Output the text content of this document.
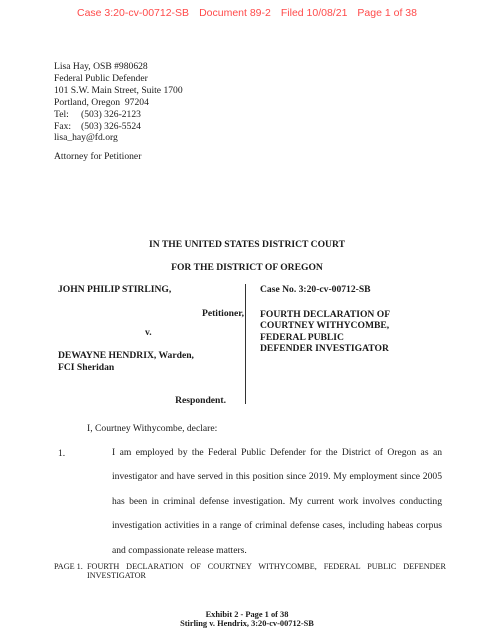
Case 3:20-cv-00712-SB Document 89-2 Filed 10/08/21 Page 1 of 38
Lisa Hay, OSB #980628
Federal Public Defender
101 S.W. Main Street, Suite 1700
Portland, Oregon  97204
Tel: (503) 326-2123
Fax: (503) 326-5524
lisa_hay@fd.org
Attorney for Petitioner
IN THE UNITED STATES DISTRICT COURT
FOR THE DISTRICT OF OREGON
JOHN PHILIP STIRLING,
Petitioner,
v.
DEWAYNE HENDRIX, Warden,
FCI Sheridan
Respondent.
Case No. 3:20-cv-00712-SB
FOURTH DECLARATION OF
COURTNEY WITHYCOMBE,
FEDERAL PUBLIC
DEFENDER INVESTIGATOR
I, Courtney Withycombe, declare:
1.	I am employed by the Federal Public Defender for the District of Oregon as an
investigator and have served in this position since 2019. My employment since 2005
has been in criminal defense investigation. My current work involves conducting
investigation activities in a range of criminal defense cases, including habeas corpus
and compassionate release matters.
PAGE 1. FOURTH DECLARATION OF COURTNEY WITHYCOMBE, FEDERAL PUBLIC DEFENDER
INVESTIGATOR
Exhibit 2 - Page 1 of 38
Stirling v. Hendrix, 3:20-cv-00712-SB
